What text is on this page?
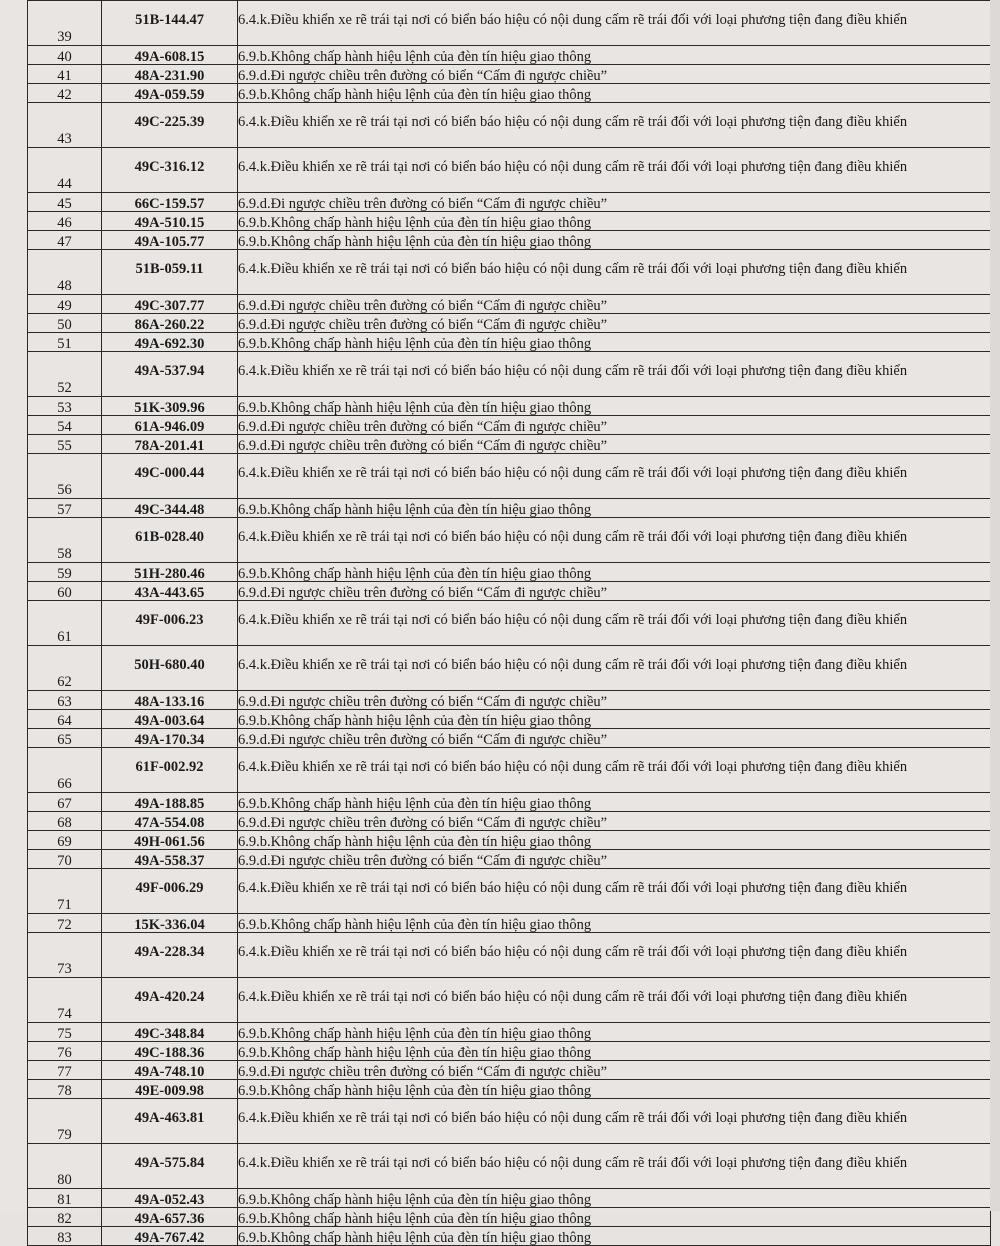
39	51B-144.47	6.4.k.Điều khiển xe rẽ trái tại nơi có biển báo hiệu có nội dung cấm rẽ trái đối với loại phương tiện đang điều khiển
40	49A-608.15	6.9.b.Không chấp hành hiệu lệnh của đèn tín hiệu giao thông
41	48A-231.90	6.9.d.Đi ngược chiều trên đường có biển “Cấm đi ngược chiều”
42	49A-059.59	6.9.b.Không chấp hành hiệu lệnh của đèn tín hiệu giao thông
43	49C-225.39	6.4.k.Điều khiển xe rẽ trái tại nơi có biển báo hiệu có nội dung cấm rẽ trái đối với loại phương tiện đang điều khiển
44	49C-316.12	6.4.k.Điều khiển xe rẽ trái tại nơi có biển báo hiệu có nội dung cấm rẽ trái đối với loại phương tiện đang điều khiển
45	66C-159.57	6.9.d.Đi ngược chiều trên đường có biển “Cấm đi ngược chiều”
46	49A-510.15	6.9.b.Không chấp hành hiệu lệnh của đèn tín hiệu giao thông
47	49A-105.77	6.9.b.Không chấp hành hiệu lệnh của đèn tín hiệu giao thông
48	51B-059.11	6.4.k.Điều khiển xe rẽ trái tại nơi có biển báo hiệu có nội dung cấm rẽ trái đối với loại phương tiện đang điều khiển
49	49C-307.77	6.9.d.Đi ngược chiều trên đường có biển “Cấm đi ngược chiều”
50	86A-260.22	6.9.d.Đi ngược chiều trên đường có biển “Cấm đi ngược chiều”
51	49A-692.30	6.9.b.Không chấp hành hiệu lệnh của đèn tín hiệu giao thông
52	49A-537.94	6.4.k.Điều khiển xe rẽ trái tại nơi có biển báo hiệu có nội dung cấm rẽ trái đối với loại phương tiện đang điều khiển
53	51K-309.96	6.9.b.Không chấp hành hiệu lệnh của đèn tín hiệu giao thông
54	61A-946.09	6.9.d.Đi ngược chiều trên đường có biển “Cấm đi ngược chiều”
55	78A-201.41	6.9.d.Đi ngược chiều trên đường có biển “Cấm đi ngược chiều”
56	49C-000.44	6.4.k.Điều khiển xe rẽ trái tại nơi có biển báo hiệu có nội dung cấm rẽ trái đối với loại phương tiện đang điều khiển
57	49C-344.48	6.9.b.Không chấp hành hiệu lệnh của đèn tín hiệu giao thông
58	61B-028.40	6.4.k.Điều khiển xe rẽ trái tại nơi có biển báo hiệu có nội dung cấm rẽ trái đối với loại phương tiện đang điều khiển
59	51H-280.46	6.9.b.Không chấp hành hiệu lệnh của đèn tín hiệu giao thông
60	43A-443.65	6.9.d.Đi ngược chiều trên đường có biển “Cấm đi ngược chiều”
61	49F-006.23	6.4.k.Điều khiển xe rẽ trái tại nơi có biển báo hiệu có nội dung cấm rẽ trái đối với loại phương tiện đang điều khiển
62	50H-680.40	6.4.k.Điều khiển xe rẽ trái tại nơi có biển báo hiệu có nội dung cấm rẽ trái đối với loại phương tiện đang điều khiển
63	48A-133.16	6.9.d.Đi ngược chiều trên đường có biển “Cấm đi ngược chiều”
64	49A-003.64	6.9.b.Không chấp hành hiệu lệnh của đèn tín hiệu giao thông
65	49A-170.34	6.9.d.Đi ngược chiều trên đường có biển “Cấm đi ngược chiều”
66	61F-002.92	6.4.k.Điều khiển xe rẽ trái tại nơi có biển báo hiệu có nội dung cấm rẽ trái đối với loại phương tiện đang điều khiển
67	49A-188.85	6.9.b.Không chấp hành hiệu lệnh của đèn tín hiệu giao thông
68	47A-554.08	6.9.d.Đi ngược chiều trên đường có biển “Cấm đi ngược chiều”
69	49H-061.56	6.9.b.Không chấp hành hiệu lệnh của đèn tín hiệu giao thông
70	49A-558.37	6.9.d.Đi ngược chiều trên đường có biển “Cấm đi ngược chiều”
71	49F-006.29	6.4.k.Điều khiển xe rẽ trái tại nơi có biển báo hiệu có nội dung cấm rẽ trái đối với loại phương tiện đang điều khiển
72	15K-336.04	6.9.b.Không chấp hành hiệu lệnh của đèn tín hiệu giao thông
73	49A-228.34	6.4.k.Điều khiển xe rẽ trái tại nơi có biển báo hiệu có nội dung cấm rẽ trái đối với loại phương tiện đang điều khiển
74	49A-420.24	6.4.k.Điều khiển xe rẽ trái tại nơi có biển báo hiệu có nội dung cấm rẽ trái đối với loại phương tiện đang điều khiển
75	49C-348.84	6.9.b.Không chấp hành hiệu lệnh của đèn tín hiệu giao thông
76	49C-188.36	6.9.b.Không chấp hành hiệu lệnh của đèn tín hiệu giao thông
77	49A-748.10	6.9.d.Đi ngược chiều trên đường có biển “Cấm đi ngược chiều”
78	49E-009.98	6.9.b.Không chấp hành hiệu lệnh của đèn tín hiệu giao thông
79	49A-463.81	6.4.k.Điều khiển xe rẽ trái tại nơi có biển báo hiệu có nội dung cấm rẽ trái đối với loại phương tiện đang điều khiển
80	49A-575.84	6.4.k.Điều khiển xe rẽ trái tại nơi có biển báo hiệu có nội dung cấm rẽ trái đối với loại phương tiện đang điều khiển
81	49A-052.43	6.9.b.Không chấp hành hiệu lệnh của đèn tín hiệu giao thông
82	49A-657.36	6.9.b.Không chấp hành hiệu lệnh của đèn tín hiệu giao thông
83	49A-767.42	6.9.b.Không chấp hành hiệu lệnh của đèn tín hiệu giao thông
